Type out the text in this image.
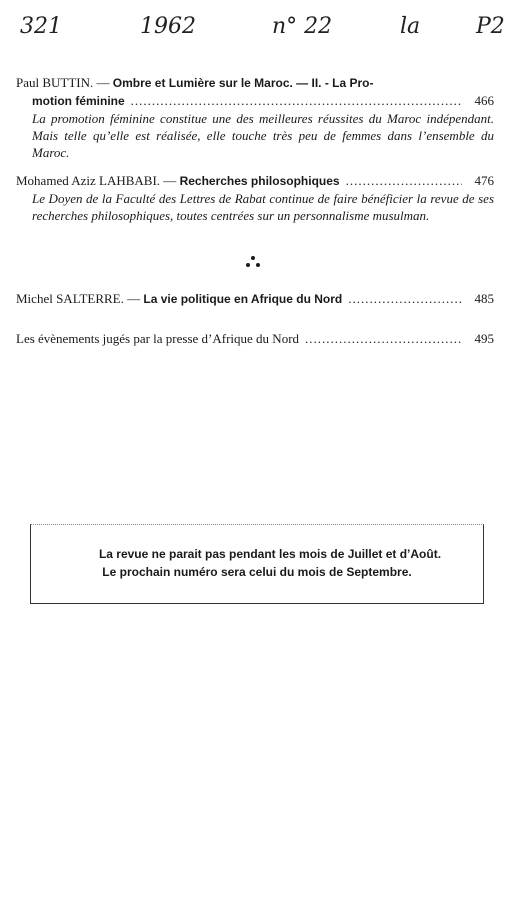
321	1962	n° 22	la	P2
Paul BUTTIN. —
Ombre et Lumière sur le Maroc. — II. - La Pro-
motion féminine .....	466
La promotion féminine constitue une des meilleures réussites du Maroc indépendant. Mais telle qu’elle est réalisée, elle touche très peu de femmes dans l’ensemble du Maroc.
Mohamed Aziz LAHBABI. —
Recherches philosophiques .....	476
Le Doyen de la Faculté des Lettres de Rabat continue de faire bénéficier la revue de ses recherches philosophiques, toutes centrées sur un personnalisme musulman.
Michel SALTERRE. —
La vie politique en Afrique du Nord .....	485
Les évènements jugés par la presse d’Afrique du Nord .....	495
La revue ne parait pas pendant les mois de Juillet et d’Août.
Le prochain numéro sera celui du mois de Septembre.
